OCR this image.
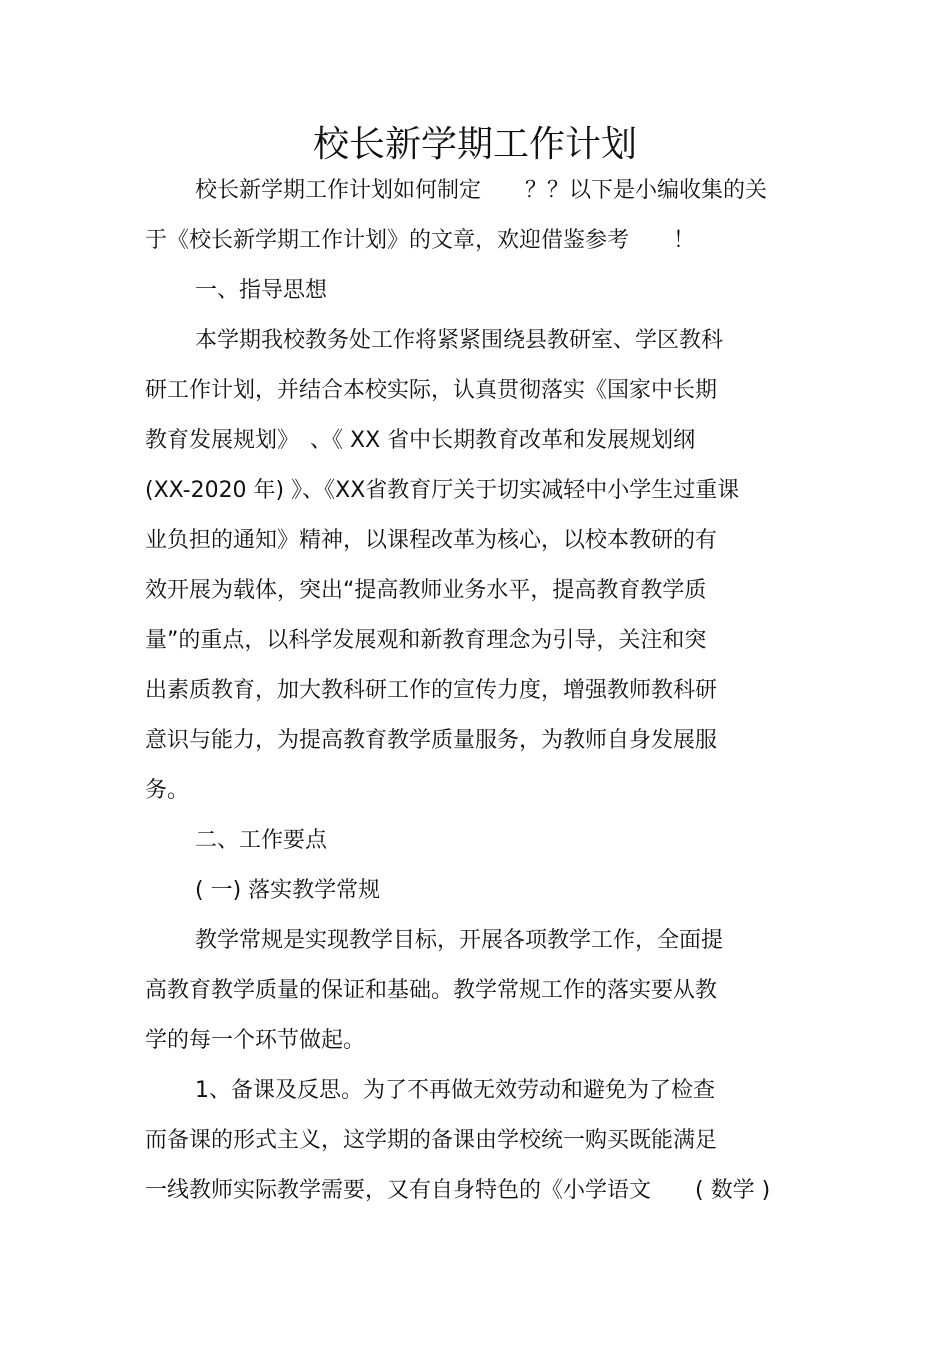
校长新学期工作计划
校长新学期工作计划如何制定　　？？以下是小编收集的关
于《校长新学期工作计划》的文章，欢迎借鉴参考　　！
一、指导思想
本学期我校教务处工作将紧紧围绕县教研室、学区教科
研工作计划，并结合本校实际，认真贯彻落实《国家中长期
教育发展规划》　、《 XX 省中长期教育改革和发展规划纲
(XX-2020 年) 》、《XX省教育厅关于切实减轻中小学生过重课
业负担的通知》精神，以课程改革为核心，以校本教研的有
效开展为载体，突出“提高教师业务水平，提高教育教学质
量”的重点，以科学发展观和新教育理念为引导，关注和突
出素质教育，加大教科研工作的宣传力度，增强教师教科研
意识与能力，为提高教育教学质量服务，为教师自身发展服
务。
二、工作要点
( 一) 落实教学常规
教学常规是实现教学目标，开展各项教学工作，全面提
高教育教学质量的保证和基础。教学常规工作的落实要从教
学的每一个环节做起。
1、备课及反思。为了不再做无效劳动和避免为了检查
而备课的形式主义，这学期的备课由学校统一购买既能满足
一线教师实际教学需要，又有自身特色的《小学语文　　( 数学 )
